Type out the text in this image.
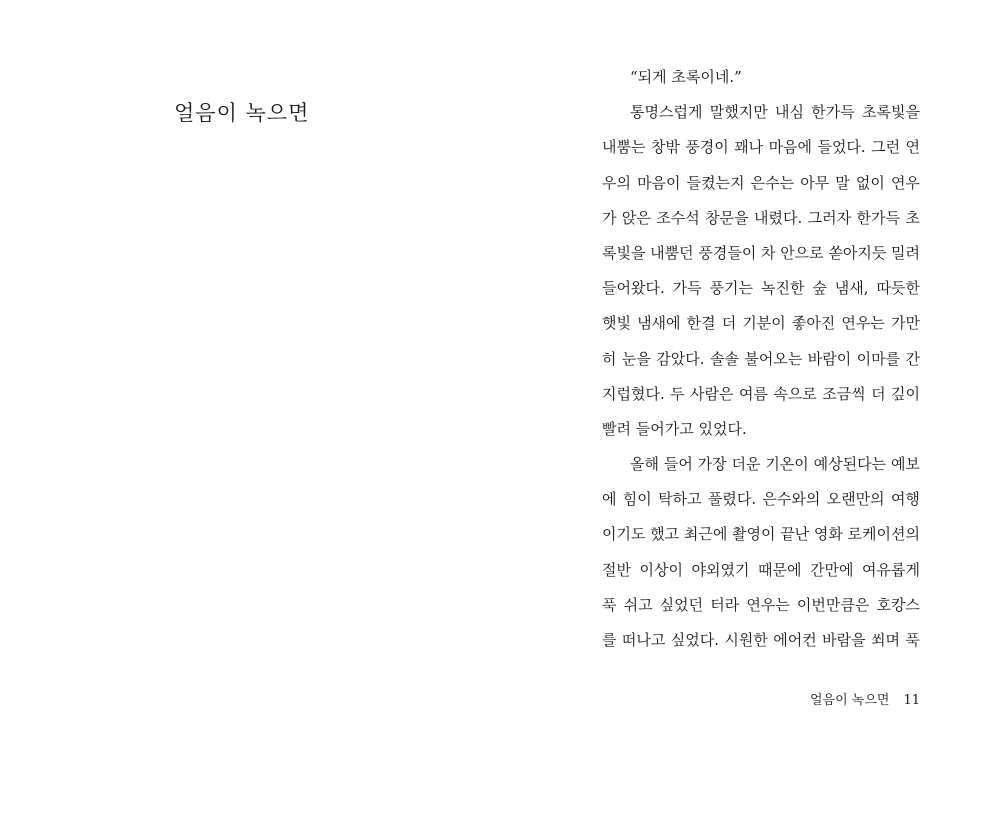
얼음이 녹으면
“되게 초록이네.”
통명스럽게 말했지만 내심 한가득 초록빛을
내뿜는 창밖 풍경이 꽤나 마음에 들었다. 그런 연
우의 마음이 들켰는지 은수는 아무 말 없이 연우
가 앉은 조수석 창문을 내렸다. 그러자 한가득 초
록빛을 내뿜던 풍경들이 차 안으로 쏟아지듯 밀려
들어왔다. 가득 풍기는 녹진한 숲 냄새, 따듯한
햇빛 냄새에 한결 더 기분이 좋아진 연우는 가만
히 눈을 감았다. 솔솔 불어오는 바람이 이마를 간
지럽혔다. 두 사람은 여름 속으로 조금씩 더 깊이
빨려 들어가고 있었다.
올해 들어 가장 더운 기온이 예상된다는 예보
에 힘이 탁하고 풀렸다. 은수와의 오랜만의 여행
이기도 했고 최근에 촬영이 끝난 영화 로케이션의
절반 이상이 야외였기 때문에 간만에 여유롭게
푹 쉬고 싶었던 터라 연우는 이번만큼은 호캉스
를 떠나고 싶었다. 시원한 에어컨 바람을 쐬며 푹
얼음이 녹으면 11
